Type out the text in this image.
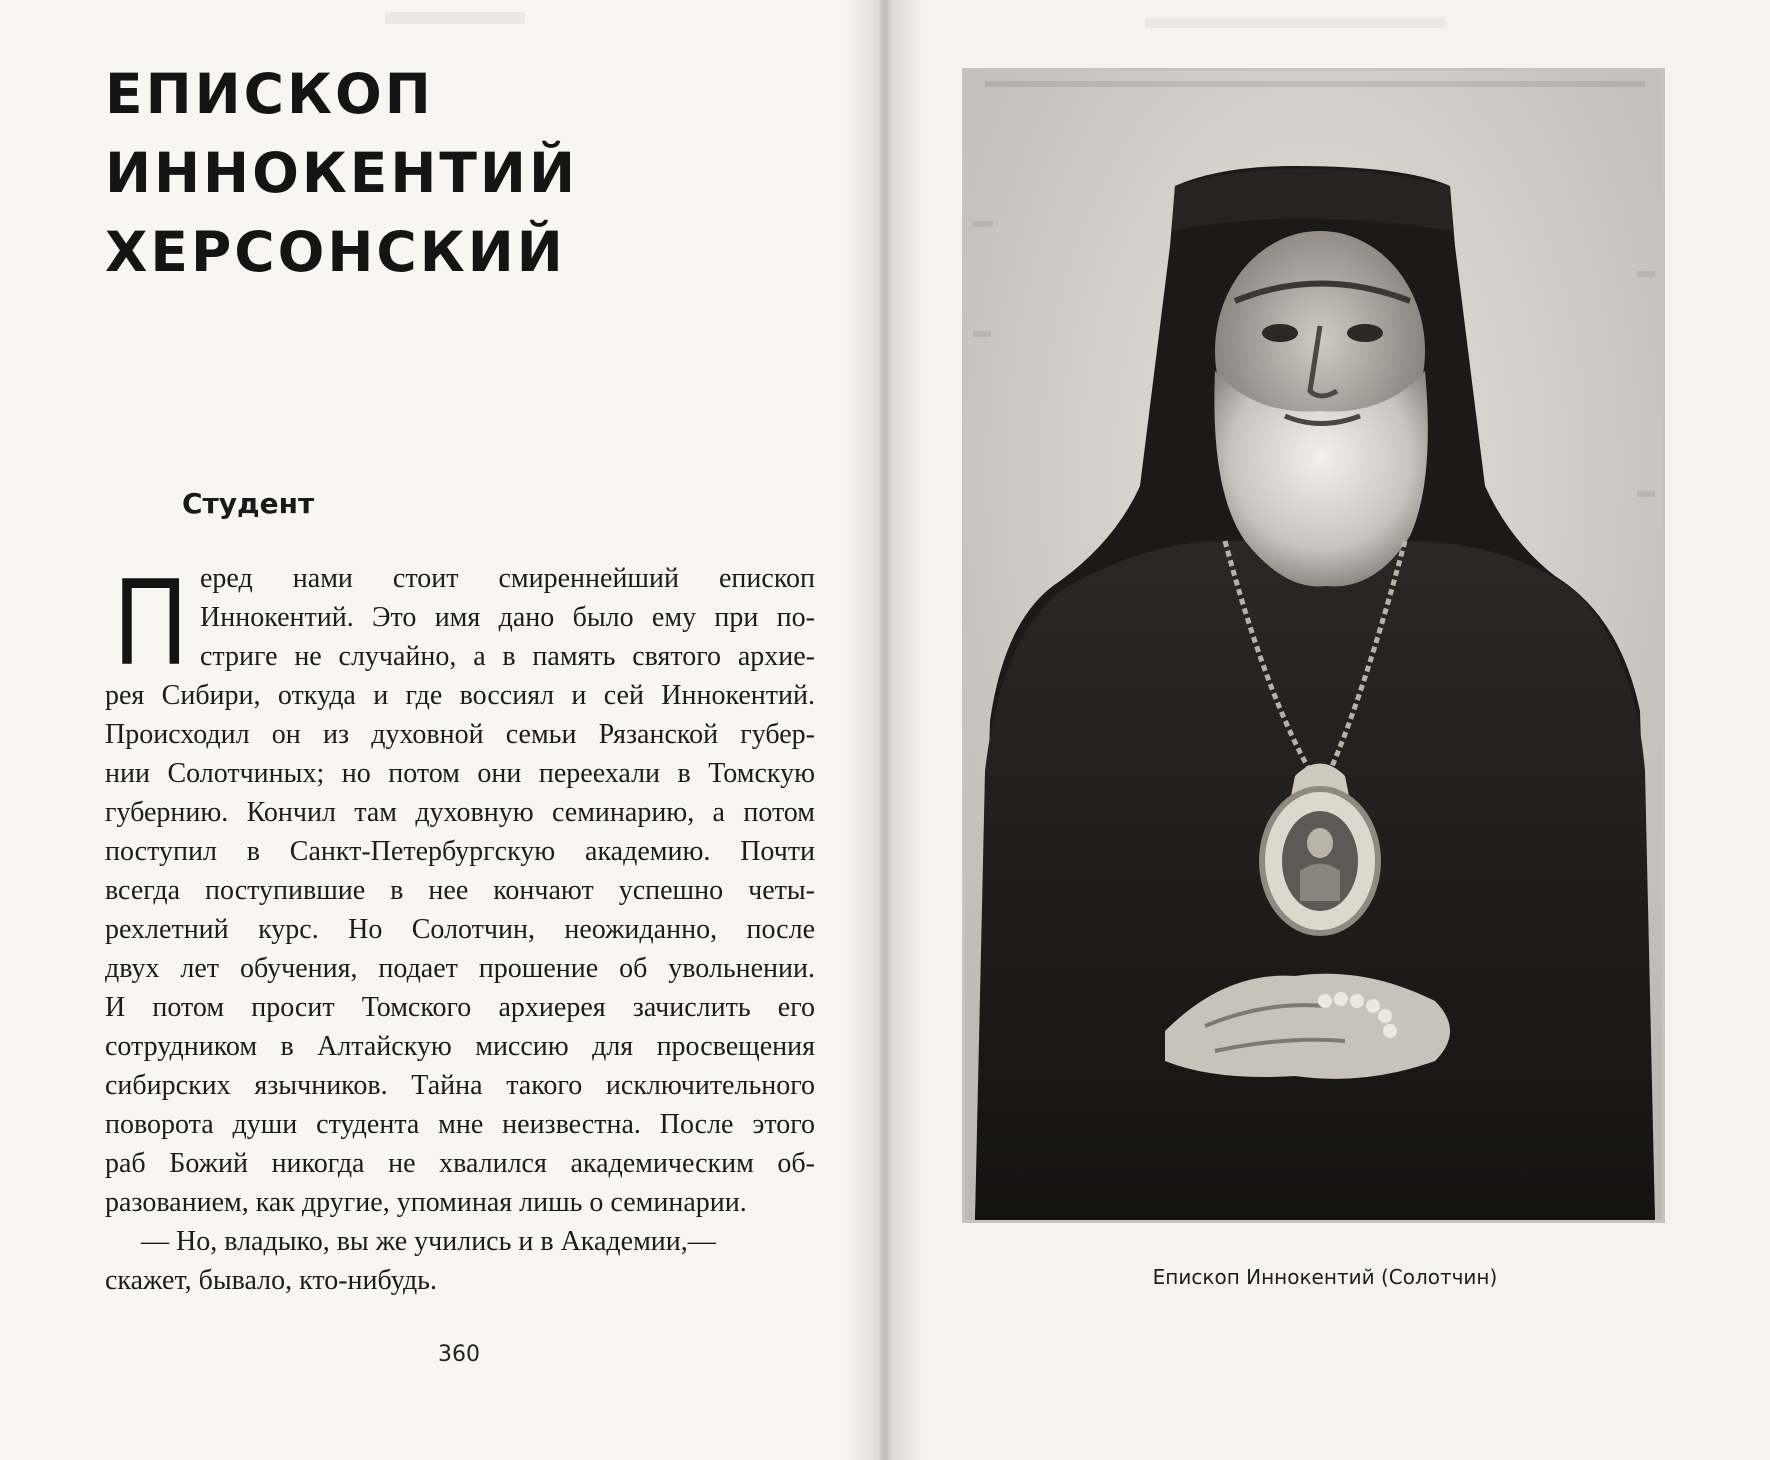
ЕПИСКОП ИННОКЕНТИЙ
ХЕРСОНСКИЙ
Студент
П еред нами стоит смиреннейший епископ
Иннокентий. Это имя дано было ему при по-
стриге не случайно, а в память святого архие-
рея Сибири, откуда и где воссиял и сей Иннокентий.
Происходил он из духовной семьи Рязанской губер-
нии Солотчиных; но потом они переехали в Томскую
губернию. Кончил там духовную семинарию, а потом
поступил в Санкт-Петербургскую академию. Почти
всегда поступившие в нее кончают успешно четы-
рехлетний курс. Но Солотчин, неожиданно, после
двух лет обучения, подает прошение об увольнении.
И потом просит Томского архиерея зачислить его
сотрудником в Алтайскую миссию для просвещения
сибирских язычников. Тайна такого исключительного
поворота души студента мне неизвестна. После этого
раб Божий никогда не хвалился академическим об-
разованием, как другие, упоминая лишь о семинарии.
— Но, владыко, вы же учились и в Академии,—
скажет, бывало, кто-нибудь.
360
Епископ Иннокентий (Солотчин)
